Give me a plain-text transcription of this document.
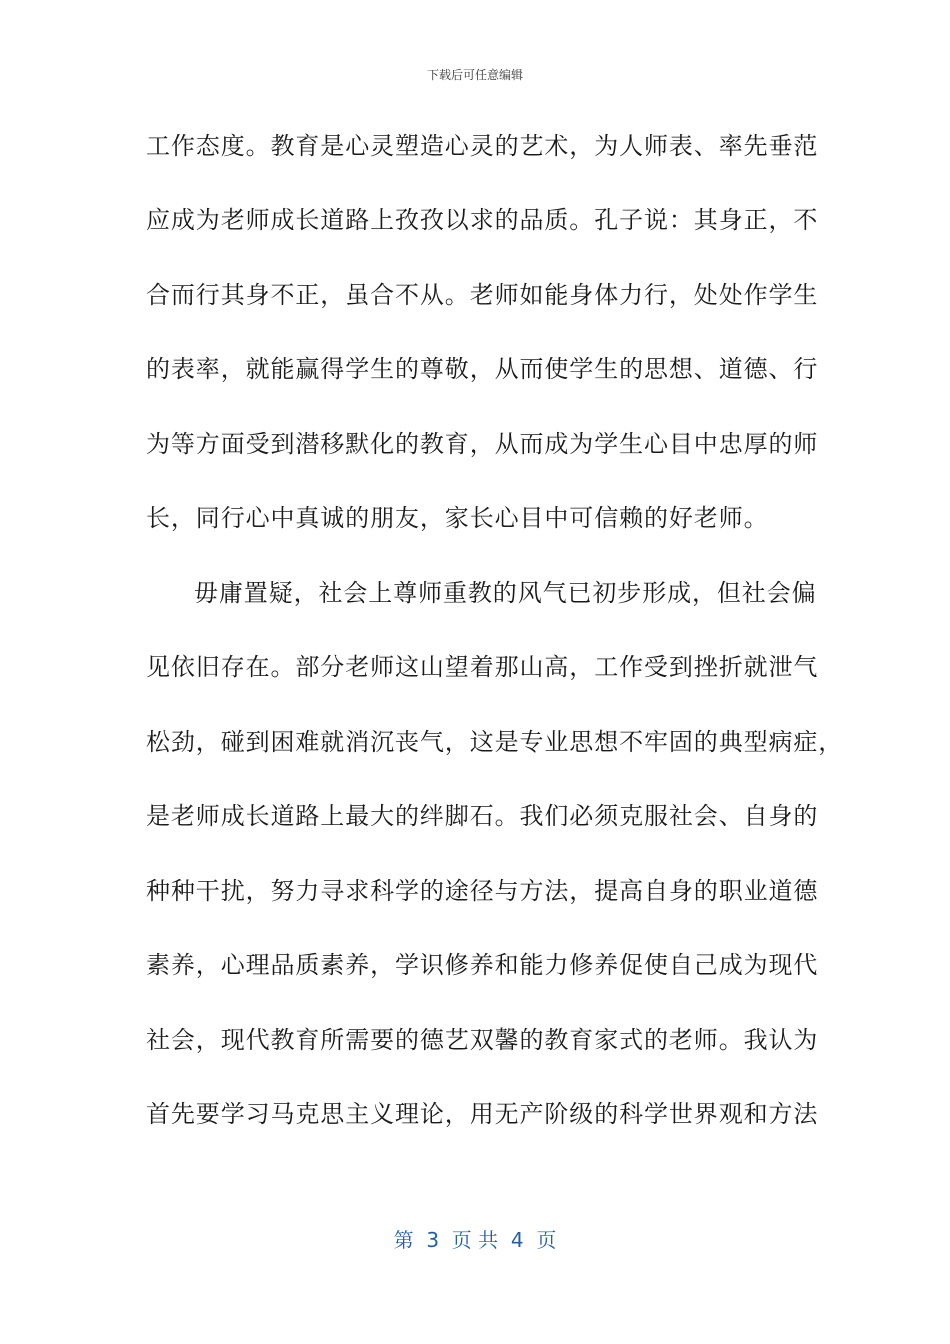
下载后可任意编辑
工作态度。教育是心灵塑造心灵的艺术，为人师表、率先垂范
应成为老师成长道路上孜孜以求的品质。孔子说：其身正，不
合而行其身不正，虽合不从。老师如能身体力行，处处作学生
的表率，就能赢得学生的尊敬，从而使学生的思想、道德、行
为等方面受到潜移默化的教育，从而成为学生心目中忠厚的师
长，同行心中真诚的朋友，家长心目中可信赖的好老师。
毋庸置疑，社会上尊师重教的风气已初步形成，但社会偏
见依旧存在。部分老师这山望着那山高，工作受到挫折就泄气
松劲，碰到困难就消沉丧气，这是专业思想不牢固的典型病症，
是老师成长道路上最大的绊脚石。我们必须克服社会、自身的
种种干扰，努力寻求科学的途径与方法，提高自身的职业道德
素养，心理品质素养，学识修养和能力修养促使自己成为现代
社会，现代教育所需要的德艺双馨的教育家式的老师。我认为
首先要学习马克思主义理论，用无产阶级的科学世界观和方法
第  3  页 共  4  页
